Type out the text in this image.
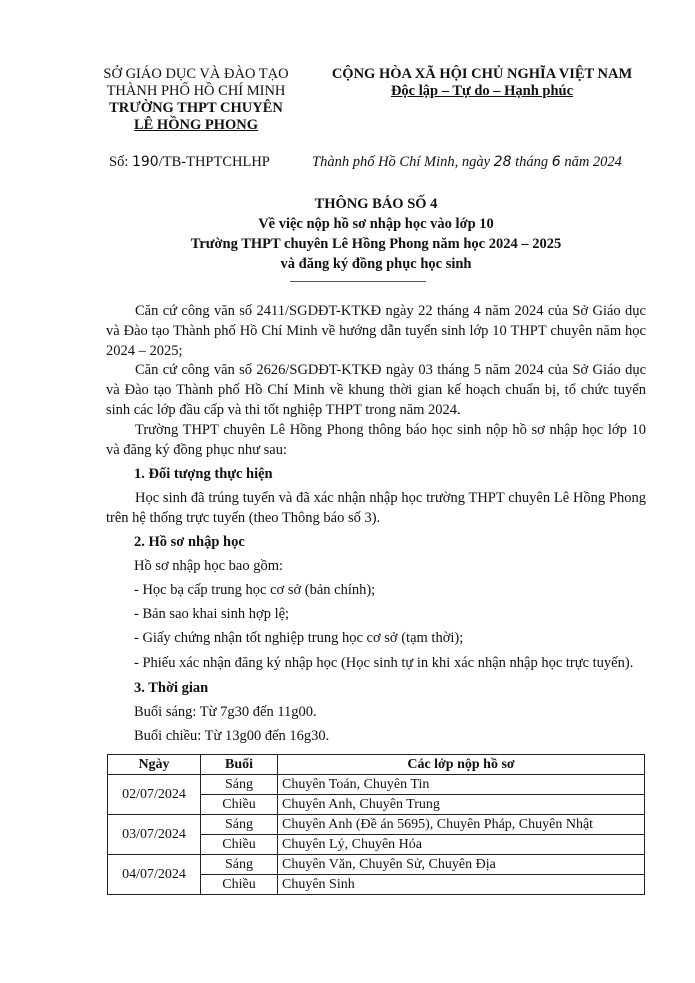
SỞ GIÁO DỤC VÀ ĐÀO TẠO
THÀNH PHỐ HỒ CHÍ MINH
TRƯỜNG THPT CHUYÊN
LÊ HỒNG PHONG
CỘNG HÒA XÃ HỘI CHỦ NGHĨA VIỆT NAM
Độc lập – Tự do – Hạnh phúc
Số: 190/TB-THPTCHLHP	Thành phố Hồ Chí Minh, ngày 28 tháng 6 năm 2024
THÔNG BÁO SỐ 4
Về việc nộp hồ sơ nhập học vào lớp 10
Trường THPT chuyên Lê Hồng Phong năm học 2024 – 2025
và đăng ký đồng phục học sinh
Căn cứ công văn số 2411/SGDĐT-KTKĐ ngày 22 tháng 4 năm 2024 của Sở Giáo dục và Đào tạo Thành phố Hồ Chí Minh về hướng dẫn tuyển sinh lớp 10 THPT chuyên năm học 2024 – 2025;
Căn cứ công văn số 2626/SGDĐT-KTKĐ ngày 03 tháng 5 năm 2024 của Sở Giáo dục và Đào tạo Thành phố Hồ Chí Minh về khung thời gian kế hoạch chuẩn bị, tổ chức tuyển sinh các lớp đầu cấp và thi tốt nghiệp THPT trong năm 2024.
Trường THPT chuyên Lê Hồng Phong thông báo học sinh nộp hồ sơ nhập học lớp 10 và đăng ký đồng phục như sau:
1. Đối tượng thực hiện
Học sinh đã trúng tuyển và đã xác nhận nhập học trường THPT chuyên Lê Hồng Phong trên hệ thống trực tuyến (theo Thông báo số 3).
2. Hồ sơ nhập học
Hồ sơ nhập học bao gồm:
- Học bạ cấp trung học cơ sở (bản chính);
- Bản sao khai sinh hợp lệ;
- Giấy chứng nhận tốt nghiệp trung học cơ sở (tạm thời);
- Phiếu xác nhận đăng ký nhập học (Học sinh tự in khi xác nhận nhập học trực tuyến).
3. Thời gian
Buổi sáng: Từ 7g30 đến 11g00.
Buổi chiều: Từ 13g00 đến 16g30.
Ngày	Buổi	Các lớp nộp hồ sơ
02/07/2024	Sáng	Chuyên Toán, Chuyên Tin
	Chiều	Chuyên Anh, Chuyên Trung
03/07/2024	Sáng	Chuyên Anh (Đề án 5695), Chuyên Pháp, Chuyên Nhật
	Chiều	Chuyên Lý, Chuyên Hóa
04/07/2024	Sáng	Chuyên Văn, Chuyên Sử, Chuyên Địa
	Chiều	Chuyên Sinh
